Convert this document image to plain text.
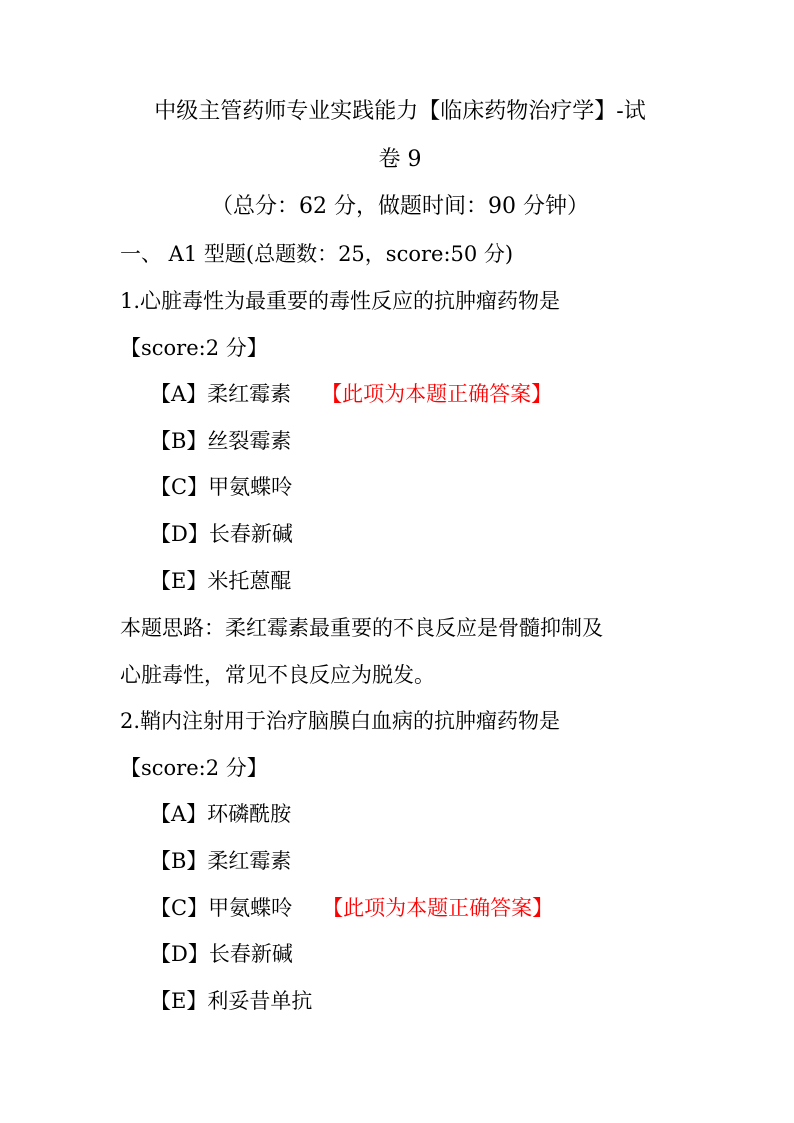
中级主管药师专业实践能力【临床药物治疗学】-试
卷 9
（总分：62 分，做题时间：90 分钟）
一、 A1 型题(总题数：25，score:50 分)
1.心脏毒性为最重要的毒性反应的抗肿瘤药物是
【score:2 分】
【A】柔红霉素 【此项为本题正确答案】
【B】丝裂霉素
【C】甲氨蝶呤
【D】长春新碱
【E】米托蒽醌
本题思路：柔红霉素最重要的不良反应是骨髓抑制及
心脏毒性，常见不良反应为脱发。
2.鞘内注射用于治疗脑膜白血病的抗肿瘤药物是
【score:2 分】
【A】环磷酰胺
【B】柔红霉素
【C】甲氨蝶呤 【此项为本题正确答案】
【D】长春新碱
【E】利妥昔单抗
